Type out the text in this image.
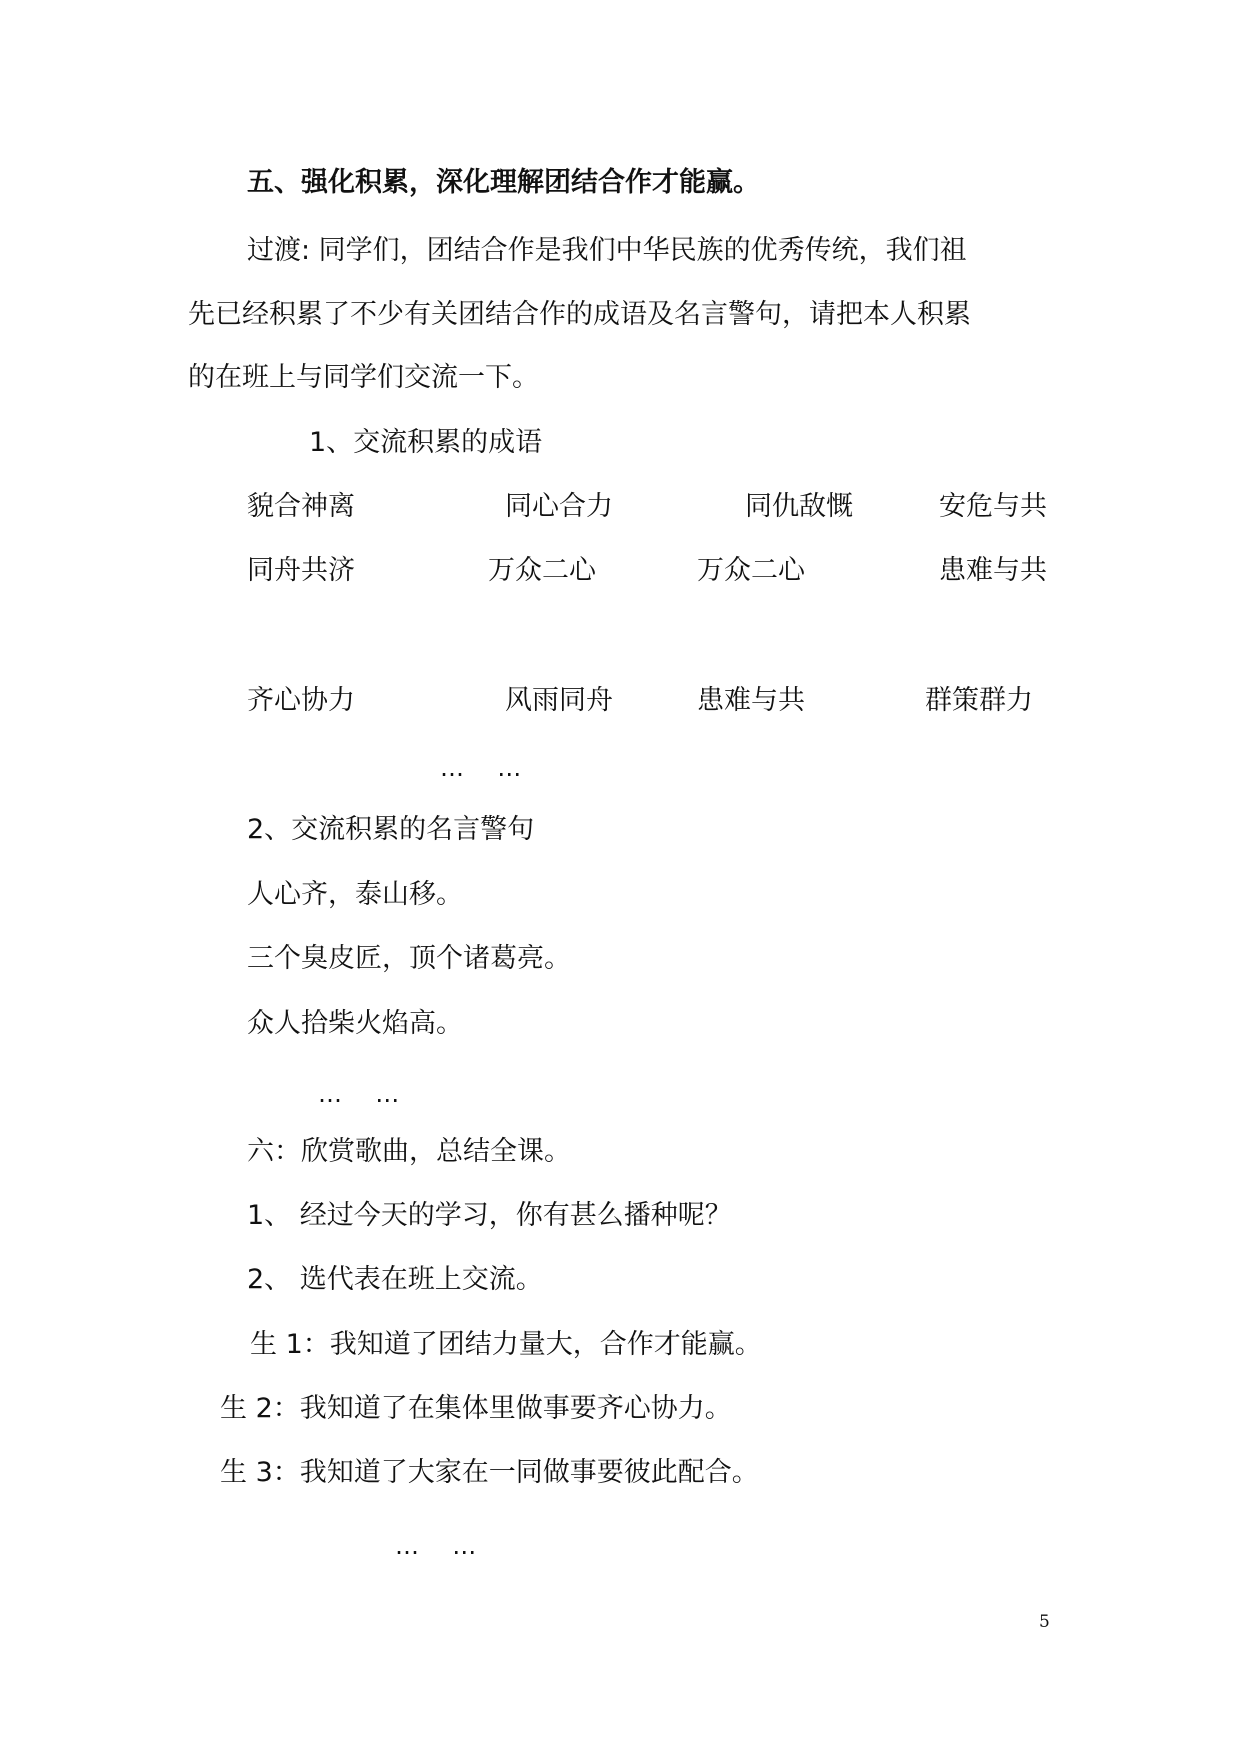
五、强化积累，深化理解团结合作才能赢。
过渡: 同学们，团结合作是我们中华民族的优秀传统，我们祖
先已经积累了不少有关团结合作的成语及名言警句，请把本人积累
的在班上与同学们交流一下。
1、交流积累的成语
貌合神离	同心合力	同仇敌慨	安危与共
同舟共济	万众二心	万众二心	患难与共
齐心协力	风雨同舟	患难与共	群策群力
…  …
2、交流积累的名言警句
人心齐，泰山移。
三个臭皮匠，顶个诸葛亮。
众人拾柴火焰高。
…  …
六：欣赏歌曲，总结全课。
1、 经过今天的学习，你有甚么播种呢？
2、 选代表在班上交流。
生 1：我知道了团结力量大，合作才能赢。
生 2：我知道了在集体里做事要齐心协力。
生 3：我知道了大家在一同做事要彼此配合。
…  …
5
